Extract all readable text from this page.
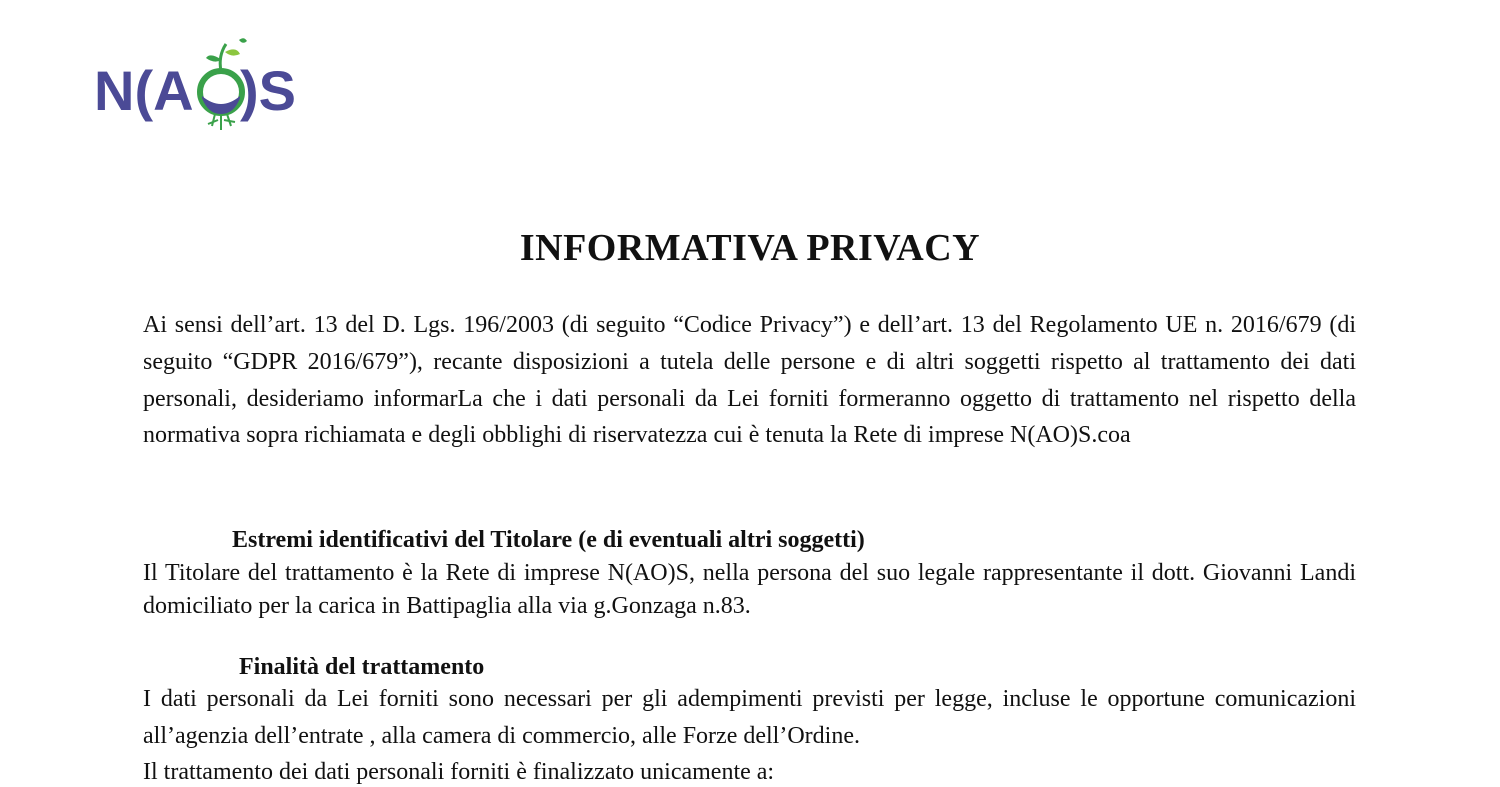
N(A )S
INFORMATIVA PRIVACY

Ai sensi dell’art. 13 del D. Lgs. 196/2003 (di seguito “Codice Privacy”) e dell’art. 13 del Regolamento UE n. 2016/679 (di seguito “GDPR 2016/679”), recante disposizioni a tutela delle persone e di altri soggetti rispetto al trattamento dei dati personali, desideriamo informarLa che i dati personali da Lei forniti formeranno oggetto di trattamento nel rispetto della normativa sopra richiamata e degli obblighi di riservatezza cui è tenuta la Rete di imprese N(AO)S.coa

Estremi identificativi del Titolare (e di eventuali altri soggetti)

Il Titolare del trattamento è la Rete di imprese N(AO)S, nella persona del suo legale rappresentante il dott. Giovanni Landi domiciliato per la carica in Battipaglia alla via g.Gonzaga n.83.

Finalità del trattamento

I dati personali da Lei forniti sono necessari per gli adempimenti previsti per legge, incluse le opportune comunicazioni all’agenzia dell’entrate , alla camera di commercio, alle Forze dell’Ordine.

Il trattamento dei dati personali forniti è finalizzato unicamente a:
